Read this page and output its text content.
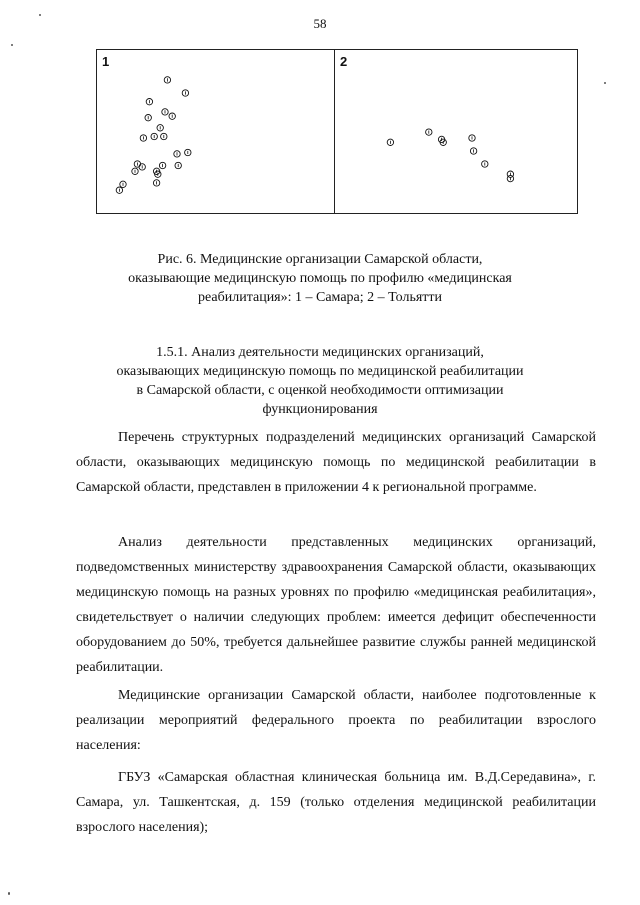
58
1	2
Рис. 6. Медицинские организации Самарской области,
оказывающие медицинскую помощь по профилю «медицинская
реабилитация»: 1 – Самара; 2 – Тольятти
1.5.1. Анализ деятельности медицинских организаций,
оказывающих медицинскую помощь по медицинской реабилитации
в Самарской области, с оценкой необходимости оптимизации
функционирования

Перечень структурных подразделений медицинских организаций Самарской области, оказывающих медицинскую помощь по медицинской реабилитации в Самарской области, представлен в приложении 4 к региональной программе.

Анализ деятельности представленных медицинских организаций, подведомственных министерству здравоохранения Самарской области, оказывающих медицинскую помощь на разных уровнях по профилю «медицинская реабилитация», свидетельствует о наличии следующих проблем: имеется дефицит обеспеченности оборудованием до 50%, требуется дальнейшее развитие службы ранней медицинской реабилитации.

Медицинские организации Самарской области, наиболее подготовленные к реализации мероприятий федерального проекта по реабилитации взрослого населения:

ГБУЗ «Самарская областная клиническая больница им. В.Д.Середавина», г. Самара, ул. Ташкентская, д. 159 (только отделения медицинской реабилитации взрослого населения);
